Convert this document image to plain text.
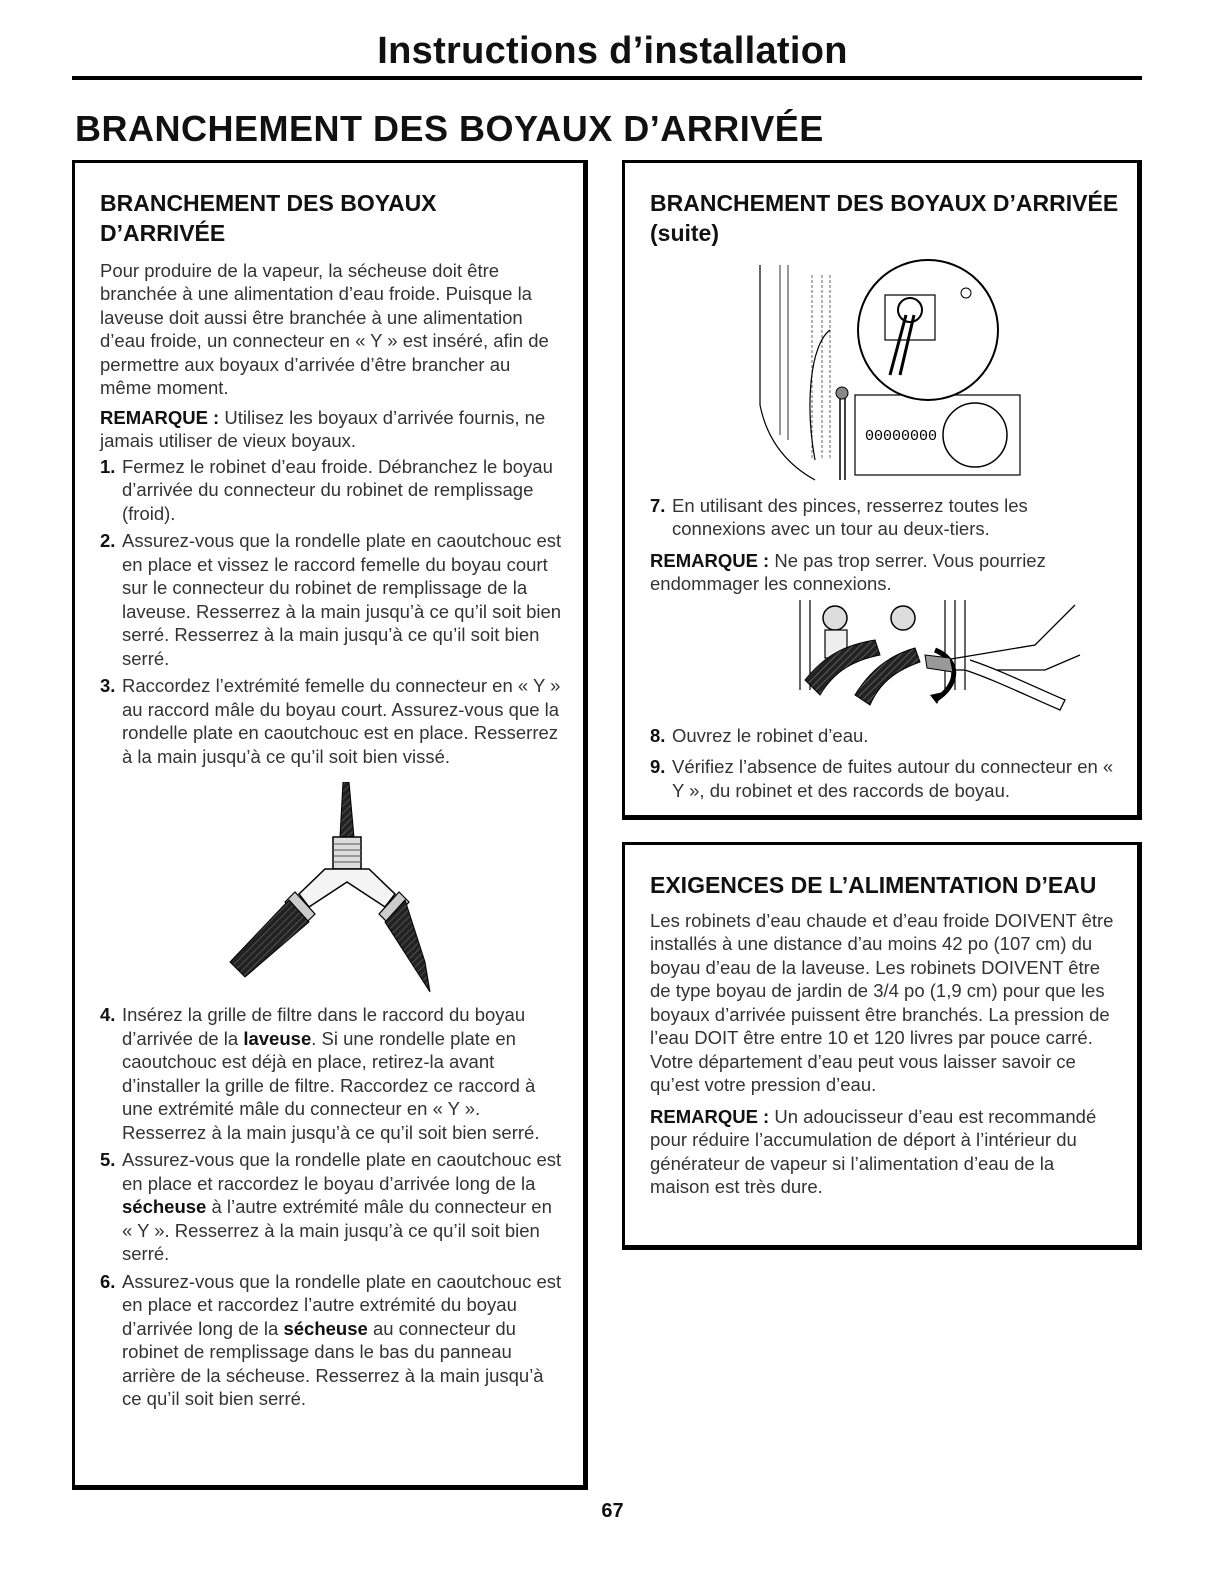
Instructions d’installation
BRANCHEMENT DES BOYAUX D’ARRIVÉE
BRANCHEMENT DES BOYAUX D’ARRIVÉE

Pour produire de la vapeur, la sécheuse doit être branchée à une alimentation d’eau froide. Puisque la laveuse doit aussi être branchée à une alimentation d’eau froide, un connecteur en « Y » est inséré, afin de permettre aux boyaux d’arrivée d’être brancher au même moment.

REMARQUE : Utilisez les boyaux d’arrivée fournis, ne jamais utiliser de vieux boyaux.

1. Fermez le robinet d’eau froide. Débranchez le boyau d’arrivée du connecteur du robinet de remplissage (froid).
2. Assurez-vous que la rondelle plate en caoutchouc est en place et vissez le raccord femelle du boyau court sur le connecteur du robinet de remplissage de la laveuse. Resserrez à la main jusqu’à ce qu’il soit bien serré. Resserrez à la main jusqu’à ce qu’il soit bien serré.
3. Raccordez l’extrémité femelle du connecteur en « Y » au raccord mâle du boyau court. Assurez-vous que la rondelle plate en caoutchouc est en place. Resserrez à la main jusqu’à ce qu’il soit bien vissé.
4. Insérez la grille de filtre dans le raccord du boyau d’arrivée de la laveuse. Si une rondelle plate en caoutchouc est déjà en place, retirez-la avant d’installer la grille de filtre. Raccordez ce raccord à une extrémité mâle du connecteur en « Y ». Resserrez à la main jusqu’à ce qu’il soit bien serré.
5. Assurez-vous que la rondelle plate en caoutchouc est en place et raccordez le boyau d’arrivée long de la sécheuse à l’autre extrémité mâle du connecteur en « Y ». Resserrez à la main jusqu’à ce qu’il soit bien serré.
6. Assurez-vous que la rondelle plate en caoutchouc est en place et raccordez l’autre extrémité du boyau d’arrivée long de la sécheuse au connecteur du robinet de remplissage dans le bas du panneau arrière de la sécheuse. Resserrez à la main jusqu’à ce qu’il soit bien serré.
BRANCHEMENT DES BOYAUX D’ARRIVÉE (suite)
00000000
7. En utilisant des pinces, resserrez toutes les connexions avec un tour au deux-tiers.

REMARQUE : Ne pas trop serrer. Vous pourriez endommager les connexions.

8. Ouvrez le robinet d’eau.
9. Vérifiez l’absence de fuites autour du connecteur en « Y », du robinet et des raccords de boyau.
EXIGENCES DE L’ALIMENTATION D’EAU

Les robinets d’eau chaude et d’eau froide DOIVENT être installés à une distance d’au moins 42 po (107 cm) du boyau d’eau de la laveuse. Les robinets DOIVENT être de type boyau de jardin de 3/4 po (1,9 cm) pour que les boyaux d’arrivée puissent être branchés. La pression de l’eau DOIT être entre 10 et 120 livres par pouce carré. Votre département d’eau peut vous laisser savoir ce qu’est votre pression d’eau.

REMARQUE : Un adoucisseur d’eau est recommandé pour réduire l’accumulation de déport à l’intérieur du générateur de vapeur si l’alimentation d’eau de la maison est très dure.

67
